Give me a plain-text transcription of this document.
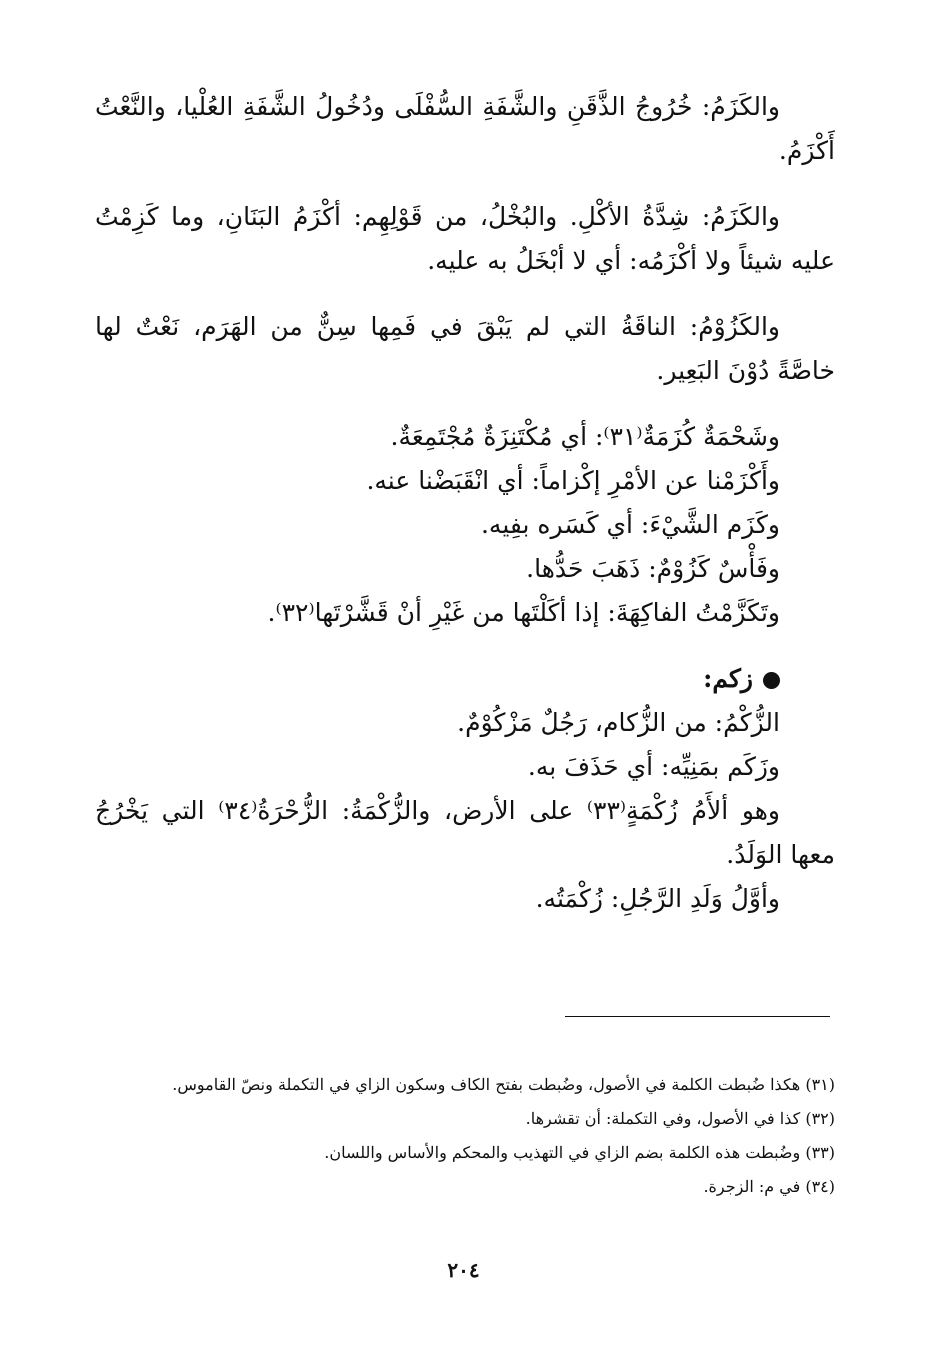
والكَزَمُ: خُرُوجُ الذَّقَنِ والشَّفَةِ السُّفْلَى ودُخُولُ الشَّفَةِ العُلْيا، والنَّعْتُ أَكْزَمُ.

والكَزَمُ: شِدَّةُ الأكْلِ. والبُخْلُ، من قَوْلِهِم: أكْزَمُ البَنَانِ، وما كَزِمْتُ عليه شيئاً ولا أكْزَمُه: أي لا أبْخَلُ به عليه.

والكَزُوْمُ: الناقَةُ التي لم يَبْقَ في فَمِها سِنٌّ من الهَرَم، نَعْتٌ لها خاصَّةً دُوْنَ البَعِير.

وشَحْمَةٌ كُزَمَةٌ⁽٣١⁾: أي مُكْتَنِزَةٌ مُجْتَمِعَةٌ.

وأَكْزَمْنا عن الأمْرِ إكْزاماً: أي انْقَبَضْنا عنه.

وكَزَم الشَّيْءَ: أي كَسَره بفِيه.

وفَأْسٌ كَزُوْمٌ: ذَهَبَ حَدُّها.

وتَكَزَّمْتُ الفاكِهَةَ: إذا أكَلْتَها من غَيْرِ أنْ قَشَّرْتَها⁽٣٢⁾.

زكم:

الزُّكْمُ: من الزُّكام، رَجُلٌ مَزْكُوْمٌ.

وزَكَم بمَنِيِّه: أي حَذَفَ به.

وهو ألأَمُ زُكْمَةٍ⁽٣٣⁾ على الأرض، والزُّكْمَةُ: الزُّحْرَةُ⁽٣٤⁾ التي يَخْرُجُ معها الوَلَدُ.

وأوَّلُ وَلَدِ الرَّجُلِ: زُكْمَتُه.

(٣١) هكذا ضُبطت الكلمة في الأصول، وضُبطت بفتح الكاف وسكون الزاي في التكملة ونصّ القاموس.

(٣٢) كذا في الأصول، وفي التكملة: أن تقشرها.

(٣٣) وضُبطت هذه الكلمة بضم الزاي في التهذيب والمحكم والأساس واللسان.

(٣٤) في م: الزجرة.

٢٠٤
